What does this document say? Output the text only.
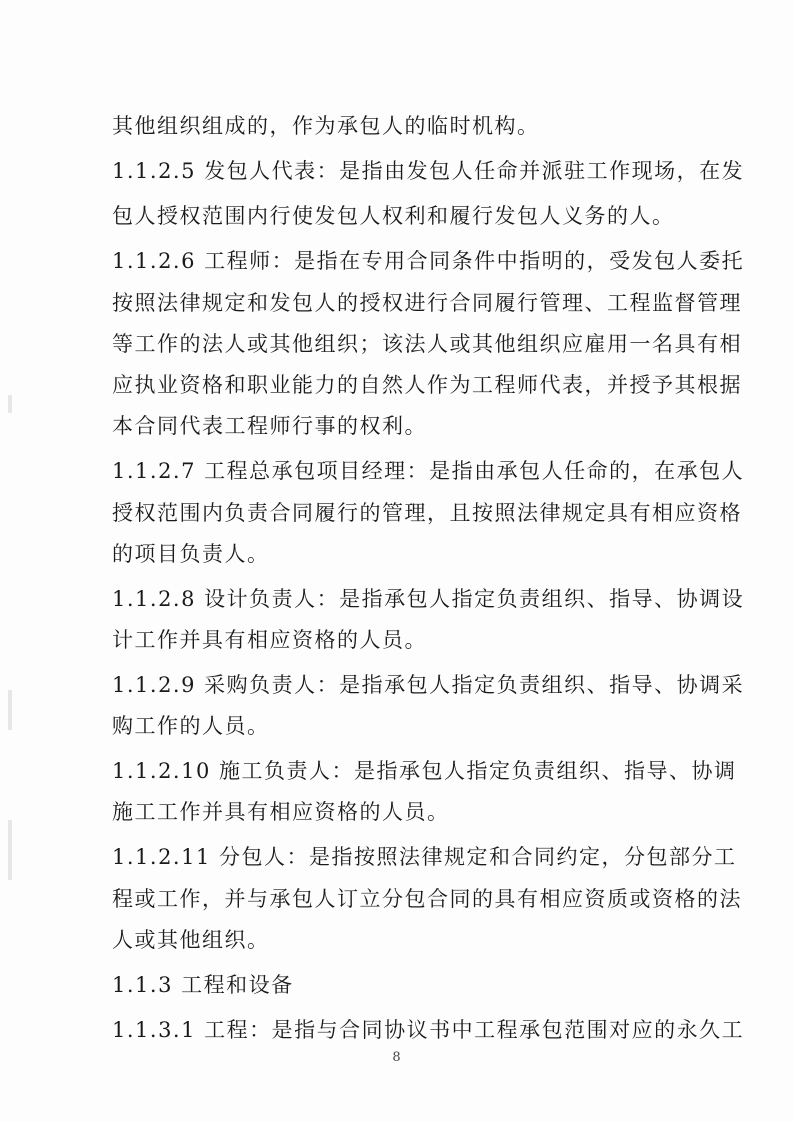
其他组织组成的，作为承包人的临时机构。
1.1.2.5 发包人代表：是指由发包人任命并派驻工作现场，在发
包人授权范围内行使发包人权利和履行发包人义务的人。
1.1.2.6 工程师：是指在专用合同条件中指明的，受发包人委托
按照法律规定和发包人的授权进行合同履行管理、工程监督管理
等工作的法人或其他组织；该法人或其他组织应雇用一名具有相
应执业资格和职业能力的自然人作为工程师代表，并授予其根据
本合同代表工程师行事的权利。
1.1.2.7 工程总承包项目经理：是指由承包人任命的，在承包人
授权范围内负责合同履行的管理，且按照法律规定具有相应资格
的项目负责人。
1.1.2.8 设计负责人：是指承包人指定负责组织、指导、协调设
计工作并具有相应资格的人员。
1.1.2.9 采购负责人：是指承包人指定负责组织、指导、协调采
购工作的人员。
1.1.2.10 施工负责人：是指承包人指定负责组织、指导、协调
施工工作并具有相应资格的人员。
1.1.2.11 分包人：是指按照法律规定和合同约定，分包部分工
程或工作，并与承包人订立分包合同的具有相应资质或资格的法
人或其他组织。
1.1.3 工程和设备
1.1.3.1 工程：是指与合同协议书中工程承包范围对应的永久工
8
